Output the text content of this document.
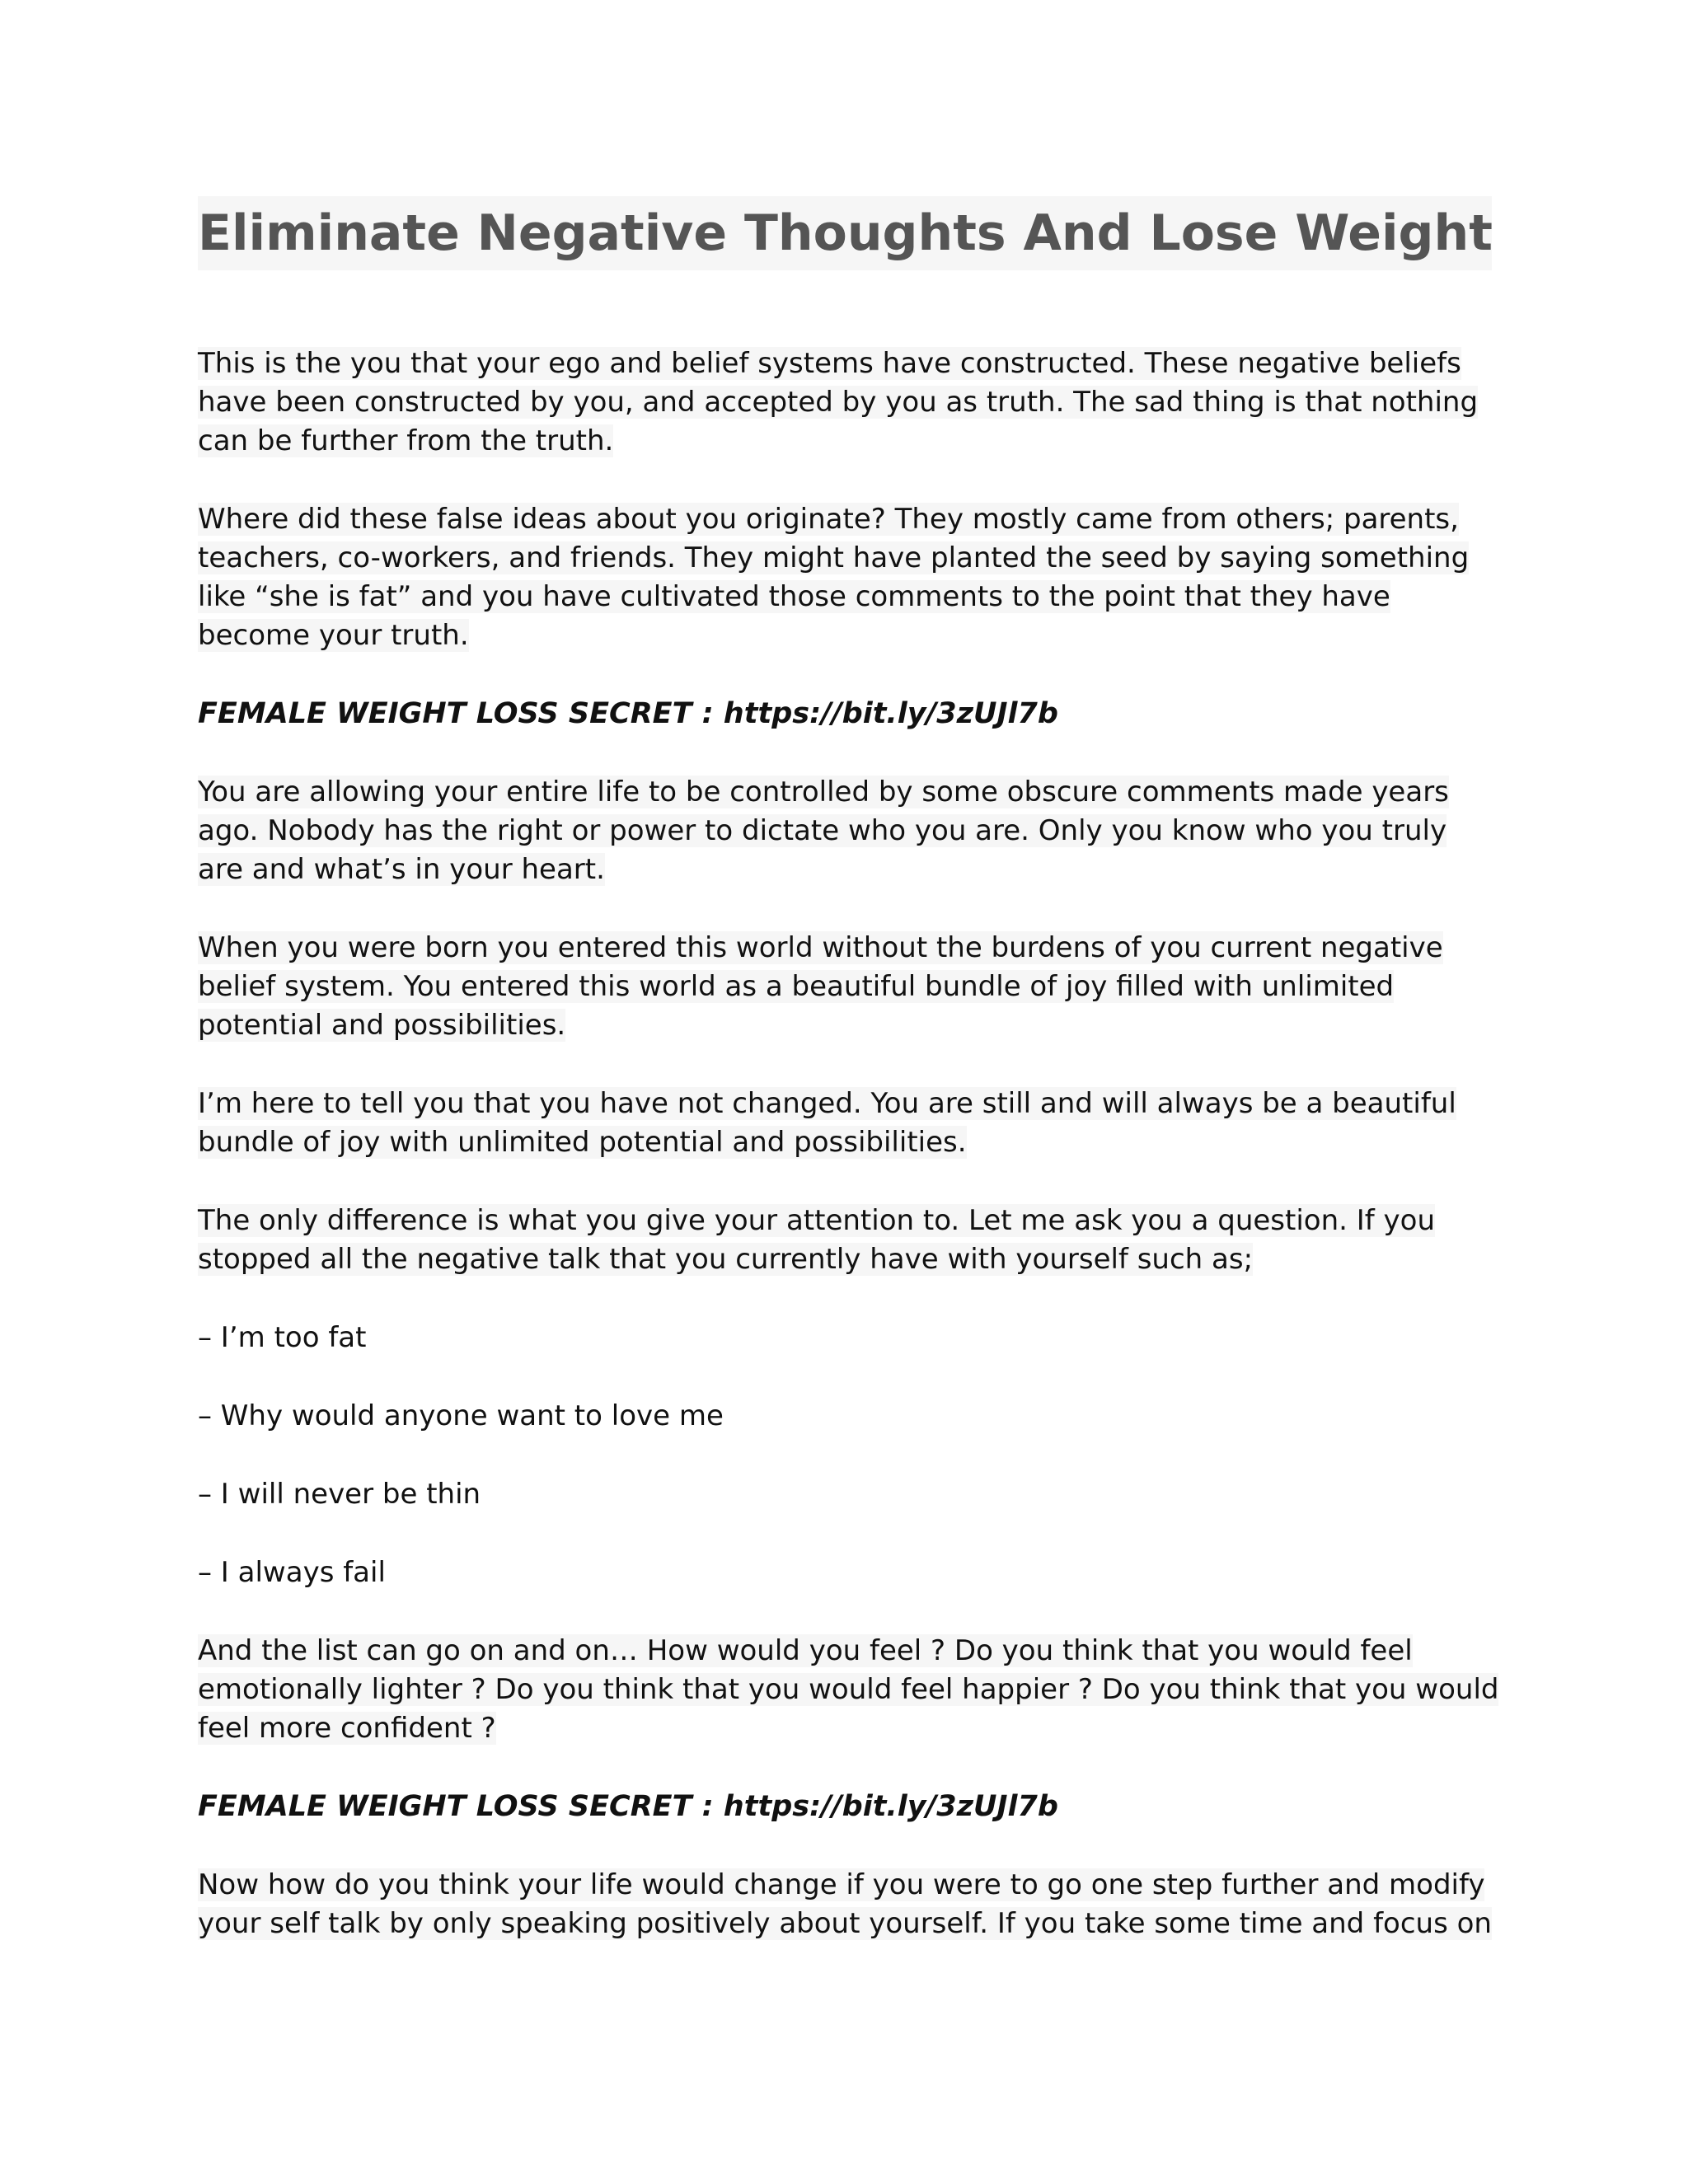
Eliminate Negative Thoughts And Lose Weight

This is the you that your ego and belief systems have constructed. These negative beliefs have been constructed by you, and accepted by you as truth. The sad thing is that nothing can be further from the truth.

Where did these false ideas about you originate? They mostly came from others; parents, teachers, co-workers, and friends. They might have planted the seed by saying something like “she is fat” and you have cultivated those comments to the point that they have become your truth.

FEMALE WEIGHT LOSS SECRET : https://bit.ly/3zUJl7b

You are allowing your entire life to be controlled by some obscure comments made years ago. Nobody has the right or power to dictate who you are. Only you know who you truly are and what’s in your heart.

When you were born you entered this world without the burdens of you current negative belief system. You entered this world as a beautiful bundle of joy filled with unlimited potential and possibilities.

I’m here to tell you that you have not changed. You are still and will always be a beautiful bundle of joy with unlimited potential and possibilities.

The only difference is what you give your attention to. Let me ask you a question. If you stopped all the negative talk that you currently have with yourself such as;

– I’m too fat

– Why would anyone want to love me

– I will never be thin

– I always fail

And the list can go on and on… How would you feel ? Do you think that you would feel emotionally lighter ? Do you think that you would feel happier ? Do you think that you would feel more confident ?

FEMALE WEIGHT LOSS SECRET : https://bit.ly/3zUJl7b

Now how do you think your life would change if you were to go one step further and modify your self talk by only speaking positively about yourself. If you take some time and focus on
